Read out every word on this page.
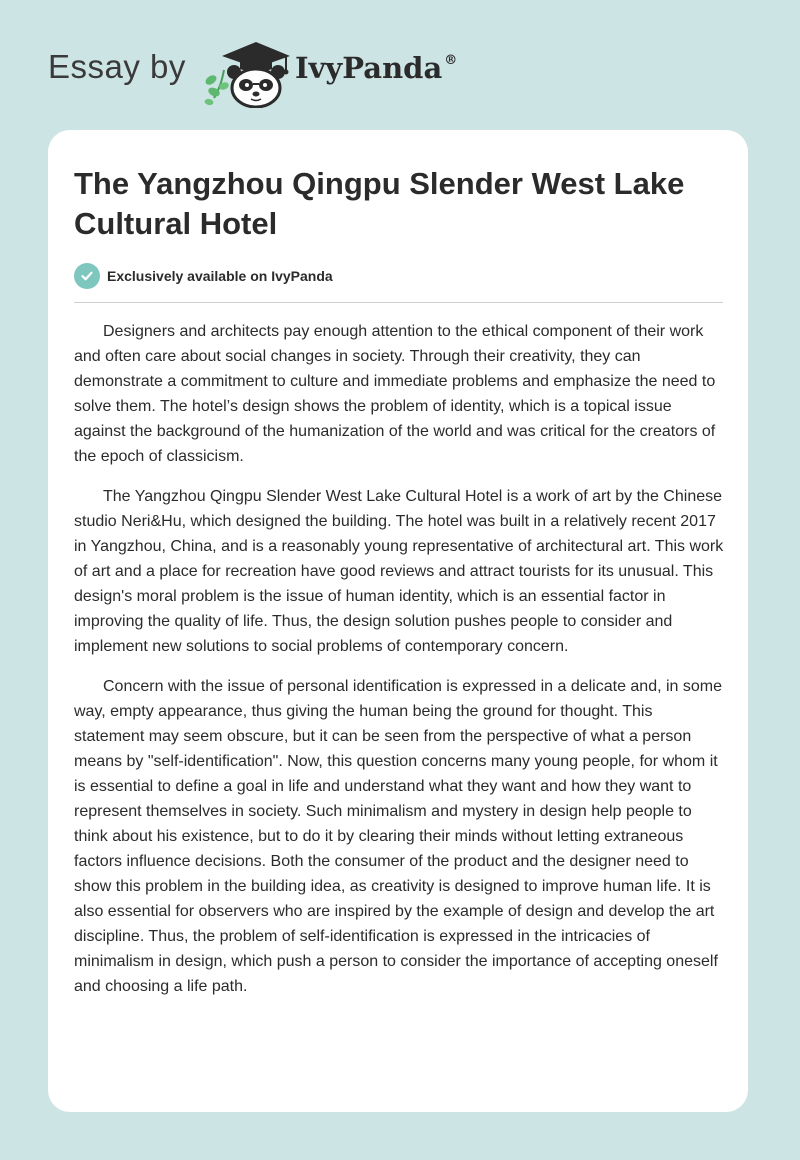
Essay by	IvyPanda ®
The Yangzhou Qingpu Slender West Lake Cultural Hotel
Exclusively available on IvyPanda

Designers and architects pay enough attention to the ethical component of their work and often care about social changes in society. Through their creativity, they can demonstrate a commitment to culture and immediate problems and emphasize the need to solve them. The hotel’s design shows the problem of identity, which is a topical issue against the background of the humanization of the world and was critical for the creators of the epoch of classicism.

The Yangzhou Qingpu Slender West Lake Cultural Hotel is a work of art by the Chinese studio Neri&Hu, which designed the building. The hotel was built in a relatively recent 2017 in Yangzhou, China, and is a reasonably young representative of architectural art. This work of art and a place for recreation have good reviews and attract tourists for its unusual. This design's moral problem is the issue of human identity, which is an essential factor in improving the quality of life. Thus, the design solution pushes people to consider and implement new solutions to social problems of contemporary concern.

Concern with the issue of personal identification is expressed in a delicate and, in some way, empty appearance, thus giving the human being the ground for thought. This statement may seem obscure, but it can be seen from the perspective of what a person means by "self-identification". Now, this question concerns many young people, for whom it is essential to define a goal in life and understand what they want and how they want to represent themselves in society. Such minimalism and mystery in design help people to think about his existence, but to do it by clearing their minds without letting extraneous factors influence decisions. Both the consumer of the product and the designer need to show this problem in the building idea, as creativity is designed to improve human life. It is also essential for observers who are inspired by the example of design and develop the art discipline. Thus, the problem of self-identification is expressed in the intricacies of minimalism in design, which push a person to consider the importance of accepting oneself and choosing a life path.
